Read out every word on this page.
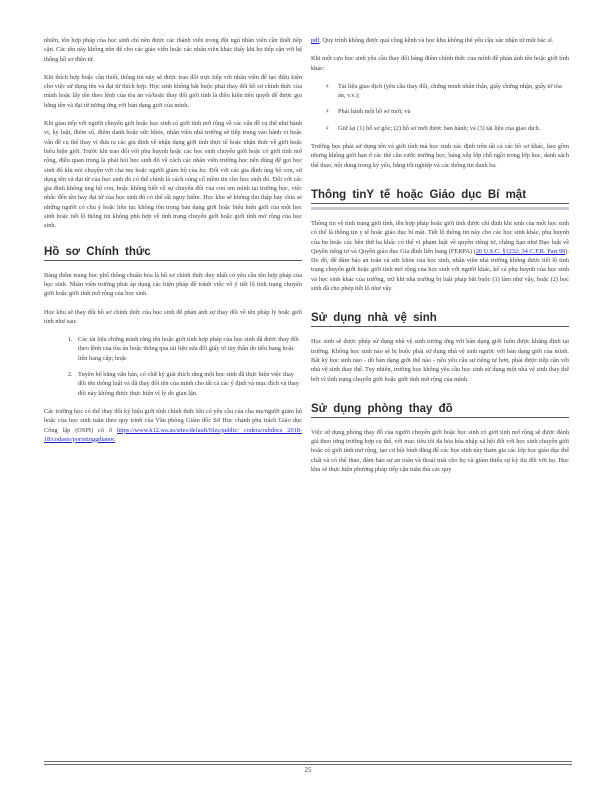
nhiên, tôn hợp pháp của học sinh chỉ nên được các thành viên trong đội ngũ nhân viên cần thiết tiếp cận. Các tên này không nên để cho các giáo viên hoặc các nhân viên khác thấy khi họ tiếp cận với hệ thống hồ sơ điện tử.

Khi thích hợp hoặc cần thiết, thông tin này sẽ được trao đổi trực tiếp với nhân viên để tạo điều kiện cho việc sử dụng tên và đại từ thích hợp. Học sinh không bắt buộc phải thay đổi hồ sơ chính thức của mình hoặc lấy tên theo lệnh của tòa án và/hoặc thay đổi giới tính là điều kiện tiên quyết để được gọi bằng tên và đại từ tương ứng với bản dạng giới của mình.

Khi giao tiếp với người chuyển giới hoặc học sinh có giới tính mở rộng về các vấn đề cụ thể như hành vi, kỷ luật, điểm số, điểm danh hoặc sức khỏe, nhân viên nhà trường sẽ tiếp trung vào hành vi hoặc vấn đề cụ thể thay vì đưa ra các giả định về nhận dạng giới tính thực tế hoặc nhận thức về giới hoặc biểu hiện giới. Trước khi trao đổi với phụ huynh hoặc các học sinh chuyển giới hoặc có giới tính mở rộng, điều quan trọng là phải hỏi học sinh đó về cách các nhân viên trường học nên dùng để gọi học sinh đó khi nói chuyện với cha mẹ hoặc người giám hộ của họ. Đối với các gia đình ủng hộ con, sử dụng tên và đại từ của học sinh đó có thể chính là cách củng cố niềm tin cho học sinh đó. Đối với các gia đình không ủng hộ con, hoặc không biết về sự chuyển đổi của con em mình tại trường học, việc nhắc đến tên hay đại từ của học sinh đó có thể rất nguy hiểm. Học khu sẽ không thu thập hay chia sẻ những người có chủ ý hoặc liên tục không tôn trọng bản dạng giới hoặc biểu hiện giới của một học sinh hoặc tiết lộ thông tin không phù hợp về tình trạng chuyển giới hoặc giới tính mở rộng của học sinh.

Hồ sơ Chính thức

Bảng điểm trung học phổ thông chuẩn hóa là hồ sơ chính thức duy nhất có yêu cầu tên hợp pháp của học sinh. Nhân viên trường phải áp dụng các biện pháp để tránh việc vô ý tiết lộ tình trạng chuyển giới hoặc giới tính mở rộng của học sinh.

Học khu sẽ thay đổi hồ sơ chính thức của học sinh để phản ánh sự thay đổi về tên pháp lý hoặc giới tính như sau:

1. Các tài liệu chứng minh rằng tên hoặc giới tính hợp pháp của học sinh đã được thay đổi theo lệnh của tòa án hoặc thông qua tài liệu sửa đổi giấy tờ tùy thân do tiểu bang hoặc liên bang cấp; hoặc
2. Tuyên bố bằng văn bản, có chữ ký giải thích rằng một học sinh đã thực hiện việc thay đổi tên thông luật và đã thay đổi tên của mình cho tất cả các ý định và mục đích và thay đổi này không được thực hiện vì lý do gian lận.

Các trường học có thể thay đổi ký hiệu giới tính chính thức khi có yêu cầu của cha mẹ/người giám hộ hoặc của học sinh tuân theo quy trình của Văn phòng Giám đốc Sở Học chánh phụ trách Giáo dục Công lập (OSPI) có ở https://www.k12.wa.us/sites/default/files/public/ codera/rubdocs 2018-18/codaste/poristinggdianoc

pdf. Quy trình không được quá cồng kềnh và học khu không thể yêu cầu xác nhận từ một bác sĩ.

Khi một cựu học sinh yêu cầu thay đổi bảng điểm chính thức của mình để phản ánh tên hoặc giới tính khác:

♯ Tài liệu giao dịch (yêu cầu thay đổi, chứng minh nhân thân, giấy chứng nhận, giấy tờ tòa án, v.v.);
♯ Phát hành một hồ sơ mới; và
♯ Giữ lại (1) hồ sơ gốc; (2) hồ sơ mới được ban hành; và (3) tài liệu của giao dịch.

Trường học phải sử dụng tên và giới tính mà học sinh xác định trên tất cả các hồ sơ khác, bao gồm nhưng không giới hạn ở các thẻ căn cước trường học, bảng xếp lớp chỗ ngồi trong lớp học, danh sách thể thao, nội dung trong kỷ yếu, bằng tốt nghiệp và các thông tin danh ba.

Thông tinY tế hoặc Giáo dục Bí mật

Thông tin về tình trạng giới tính, tên hợp pháp hoặc giới tính được chỉ định khi sinh của một học sinh có thể là thông tin y tế hoặc giáo dục bí mật. Tiết lộ thông tin này cho các học sinh khác, phụ huynh của họ hoặc các bên thứ ba khác có thể vi phạm luật về quyền riêng tư, chẳng hạn như Đạo luật về Quyền riêng tư và Quyền giáo dục Gia đình liên bang (FERPA) (20 U.S.C. §1232; 34 C.F.R. Part 99). Do đó, để đảm bảo an toàn và sức khỏe của học sinh, nhân viên nhà trường không được tiết lộ tình trạng chuyển giới hoặc giới tính mở rộng của học sinh với người khác, kể cả phụ huynh của học sinh và học sinh khác của trường, trừ khi nhà trường bị luật pháp bắt buộc (1) làm như vậy, hoặc (2) học sinh đã cho phép tiết lộ như vậy.

Sử dụng nhà vệ sinh

Học sinh sẽ được phép sử dụng nhà vệ sinh tương ứng với bản dạng giới luôn được khẳng định tại trường. Không học sinh nào sẽ bị buộc phải sử dụng nhà vệ sinh ngược với bản dạng giới của mình. Bất kỳ học sinh nào - dù bản dạng giới thế nào - nếu yêu cầu sự riêng tư hơn, phải được tiếp cận với nhà vệ sinh thay thế. Tuy nhiên, trường học không yêu cầu học sinh sử dụng một nhà vệ sinh thay thế bởi vì tình trạng chuyển giới hoặc giới tính mở rộng của mình.

Sử dụng phòng thay đồ

Việc sử dụng phòng thay đồ của người chuyển giới hoặc học sinh có giới tính mở rộng sẽ được đánh giá theo từng trường hợp cụ thể, với mục tiêu tối đa hóa hòa nhập xã hội đối với học sinh chuyển giới hoặc có giới tính mở rộng, tạo cơ hội bình đẳng để các học sinh này tham gia các lớp học giáo dục thể chất và có thể thao, đảm bảo sự an toàn và thoải mái cho họ và giảm thiểu sự kỳ thị đối với họ. Học khu sẽ thực hiện phương pháp tiếp cận tuân thủ các quy

25
